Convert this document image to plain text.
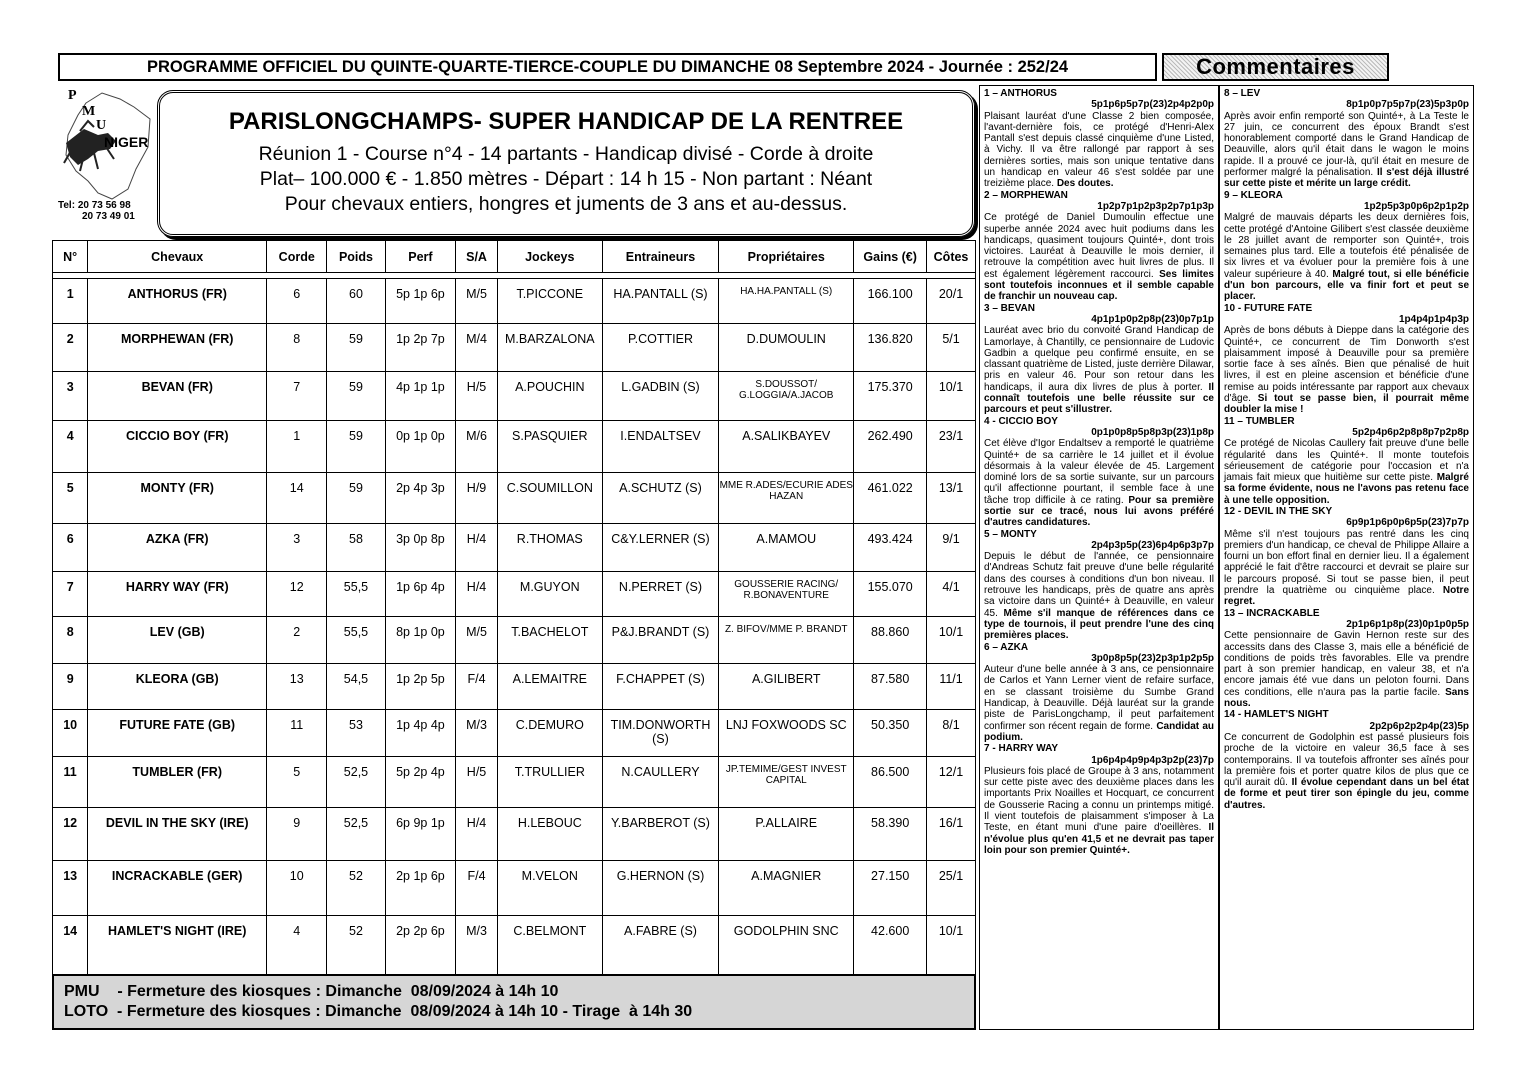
PROGRAMME OFFICIEL DU QUINTE-QUARTE-TIERCE-COUPLE DU DIMANCHE 08 Septembre 2024 - Journée : 252/24	Commentaires
P
M
U
NIGER
Tel: 20 73 56 98
20 73 49 01
PARISLONGCHAMPS- SUPER HANDICAP DE LA RENTREE
Réunion 1 - Course n°4 - 14 partants - Handicap divisé - Corde à droite
Plat– 100.000 € - 1.850 mètres - Départ : 14 h 15 - Non partant : Néant
Pour chevaux entiers, hongres et juments de 3 ans et au-dessus.
N°	Chevaux	Corde	Poids	Perf	S/A	Jockeys	Entraineurs	Propriétaires	Gains (€)	Côtes

1	ANTHORUS (FR)	6	60	5p 1p 6p	M/5	T.PICCONE	HA.PANTALL (S)	HA.HA.PANTALL (S)	166.100	20/1
2	MORPHEWAN (FR)	8	59	1p 2p 7p	M/4	M.BARZALONA	P.COTTIER	D.DUMOULIN	136.820	5/1
3	BEVAN (FR)	7	59	4p 1p 1p	H/5	A.POUCHIN	L.GADBIN (S)	S.DOUSSOT/ G.LOGGIA/A.JACOB	175.370	10/1
4	CICCIO BOY (FR)	1	59	0p 1p 0p	M/6	S.PASQUIER	I.ENDALTSEV	A.SALIKBAYEV	262.490	23/1
5	MONTY (FR)	14	59	2p 4p 3p	H/9	C.SOUMILLON	A.SCHUTZ (S)	MME R.ADES/ECURIE ADES HAZAN	461.022	13/1
6	AZKA (FR)	3	58	3p 0p 8p	H/4	R.THOMAS	C&Y.LERNER (S)	A.MAMOU	493.424	9/1
7	HARRY WAY (FR)	12	55,5	1p 6p 4p	H/4	M.GUYON	N.PERRET (S)	GOUSSERIE RACING/ R.BONAVENTURE	155.070	4/1
8	LEV (GB)	2	55,5	8p 1p 0p	M/5	T.BACHELOT	P&J.BRANDT (S)	Z. BIFOV/MME P. BRANDT	88.860	10/1
9	KLEORA (GB)	13	54,5	1p 2p 5p	F/4	A.LEMAITRE	F.CHAPPET (S)	A.GILIBERT	87.580	11/1
10	FUTURE FATE (GB)	11	53	1p 4p 4p	M/3	C.DEMURO	TIM.DONWORTH (S)	LNJ FOXWOODS SC	50.350	8/1
11	TUMBLER (FR)	5	52,5	5p 2p 4p	H/5	T.TRULLIER	N.CAULLERY	JP.TEMIME/GEST INVEST CAPITAL	86.500	12/1
12	DEVIL IN THE SKY (IRE)	9	52,5	6p 9p 1p	H/4	H.LEBOUC	Y.BARBEROT (S)	P.ALLAIRE	58.390	16/1
13	INCRACKABLE (GER)	10	52	2p 1p 6p	F/4	M.VELON	G.HERNON (S)	A.MAGNIER	27.150	25/1
14	HAMLET'S NIGHT (IRE)	4	52	2p 2p 6p	M/3	C.BELMONT	A.FABRE (S)	GODOLPHIN SNC	42.600	10/1
PMU    - Fermeture des kiosques : Dimanche  08/09/2024 à 14h 10
LOTO  - Fermeture des kiosques : Dimanche  08/09/2024 à 14h 10 - Tirage  à 14h 30
1 – ANTHORUS
5p1p6p5p7p(23)2p4p2p0p
Plaisant lauréat d'une Classe 2 bien composée, l'avant-dernière fois, ce protégé d'Henri-Alex Pantall s'est depuis classé cinquième d'une Listed, à Vichy. Il va être rallongé par rapport à ses dernières sorties, mais son unique tentative dans un handicap en valeur 46 s'est soldée par une treizième place. Des doutes.
2 – MORPHEWAN
1p2p7p1p2p3p2p7p1p3p
Ce protégé de Daniel Dumoulin effectue une superbe année 2024 avec huit podiums dans les handicaps, quasiment toujours Quinté+, dont trois victoires. Lauréat à Deauville le mois dernier, il retrouve la compétition avec huit livres de plus. Il est également légèrement raccourci. Ses limites sont toutefois inconnues et il semble capable de franchir un nouveau cap.
3 – BEVAN
4p1p1p0p2p8p(23)0p7p1p
Lauréat avec brio du convoité Grand Handicap de Lamorlaye, à Chantilly, ce pensionnaire de Ludovic Gadbin a quelque peu confirmé ensuite, en se classant quatrième de Listed, juste derrière Dilawar, pris en valeur 46. Pour son retour dans les handicaps, il aura dix livres de plus à porter. Il connaît toutefois une belle réussite sur ce parcours et peut s'illustrer.
4 - CICCIO BOY
0p1p0p8p5p8p3p(23)1p8p
Cet élève d'Igor Endaltsev a remporté le quatrième Quinté+ de sa carrière le 14 juillet et il évolue désormais à la valeur élevée de 45. Largement dominé lors de sa sortie suivante, sur un parcours qu'il affectionne pourtant, il semble face à une tâche trop difficile à ce rating. Pour sa première sortie sur ce tracé, nous lui avons préféré d'autres candidatures.
5 – MONTY
2p4p3p5p(23)6p4p6p3p7p
Depuis le début de l'année, ce pensionnaire d'Andreas Schutz fait preuve d'une belle régularité dans des courses à conditions d'un bon niveau. Il retrouve les handicaps, près de quatre ans après sa victoire dans un Quinté+ à Deauville, en valeur 45. Même s'il manque de références dans ce type de tournois, il peut prendre l'une des cinq premières places.
6 – AZKA
3p0p8p5p(23)2p3p1p2p5p
Auteur d'une belle année à 3 ans, ce pensionnaire de Carlos et Yann Lerner vient de refaire surface, en se classant troisième du Sumbe Grand Handicap, à Deauville. Déjà lauréat sur la grande piste de ParisLongchamp, il peut parfaitement confirmer son récent regain de forme. Candidat au podium.
7 - HARRY WAY
1p6p4p4p9p4p3p2p(23)7p
Plusieurs fois placé de Groupe à 3 ans, notamment sur cette piste avec des deuxième places dans les importants Prix Noailles et Hocquart, ce concurrent de Gousserie Racing a connu un printemps mitigé. Il vient toutefois de plaisamment s'imposer à La Teste, en étant muni d'une paire d'oeillères. Il n'évolue plus qu'en 41,5 et ne devrait pas taper loin pour son premier Quinté+.
8 – LEV
8p1p0p7p5p7p(23)5p3p0p
Après avoir enfin remporté son Quinté+, à La Teste le 27 juin, ce concurrent des époux Brandt s'est honorablement comporté dans le Grand Handicap de Deauville, alors qu'il était dans le wagon le moins rapide. Il a prouvé ce jour-là, qu'il était en mesure de performer malgré la pénalisation. Il s'est déjà illustré sur cette piste et mérite un large crédit.
9 – KLEORA
1p2p5p3p0p6p2p1p2p
Malgré de mauvais départs les deux dernières fois, cette protégé d'Antoine Gilibert s'est classée deuxième le 28 juillet avant de remporter son Quinté+, trois semaines plus tard. Elle a toutefois été pénalisée de six livres et va évoluer pour la première fois à une valeur supérieure à 40. Malgré tout, si elle bénéficie d'un bon parcours, elle va finir fort et peut se placer.
10 - FUTURE FATE
1p4p4p1p4p3p
Après de bons débuts à Dieppe dans la catégorie des Quinté+, ce concurrent de Tim Donworth s'est plaisamment imposé à Deauville pour sa première sortie face à ses aînés. Bien que pénalisé de huit livres, il est en pleine ascension et bénéficie d'une remise au poids intéressante par rapport aux chevaux d'âge. Si tout se passe bien, il pourrait même doubler la mise !
11 – TUMBLER
5p2p4p6p2p8p8p7p2p8p
Ce protégé de Nicolas Caullery fait preuve d'une belle régularité dans les Quinté+. Il monte toutefois sérieusement de catégorie pour l'occasion et n'a jamais fait mieux que huitième sur cette piste. Malgré sa forme évidente, nous ne l'avons pas retenu face à une telle opposition.
12 - DEVIL IN THE SKY
6p9p1p6p0p6p5p(23)7p7p
Même s'il n'est toujours pas rentré dans les cinq premiers d'un handicap, ce cheval de Philippe Allaire a fourni un bon effort final en dernier lieu. Il a également apprécié le fait d'être raccourci et devrait se plaire sur le parcours proposé. Si tout se passe bien, il peut prendre la quatrième ou cinquième place. Notre regret.
13 – INCRACKABLE
2p1p6p1p8p(23)0p1p0p5p
Cette pensionnaire de Gavin Hernon reste sur des accessits dans des Classe 3, mais elle a bénéficié de conditions de poids très favorables. Elle va prendre part à son premier handicap, en valeur 38, et n'a encore jamais été vue dans un peloton fourni. Dans ces conditions, elle n'aura pas la partie facile. Sans nous.
14 - HAMLET'S NIGHT
2p2p6p2p2p4p(23)5p
Ce concurrent de Godolphin est passé plusieurs fois proche de la victoire en valeur 36,5 face à ses contemporains. Il va toutefois affronter ses aînés pour la première fois et porter quatre kilos de plus que ce qu'il aurait dû. Il évolue cependant dans un bel état de forme et peut tirer son épingle du jeu, comme d'autres.
